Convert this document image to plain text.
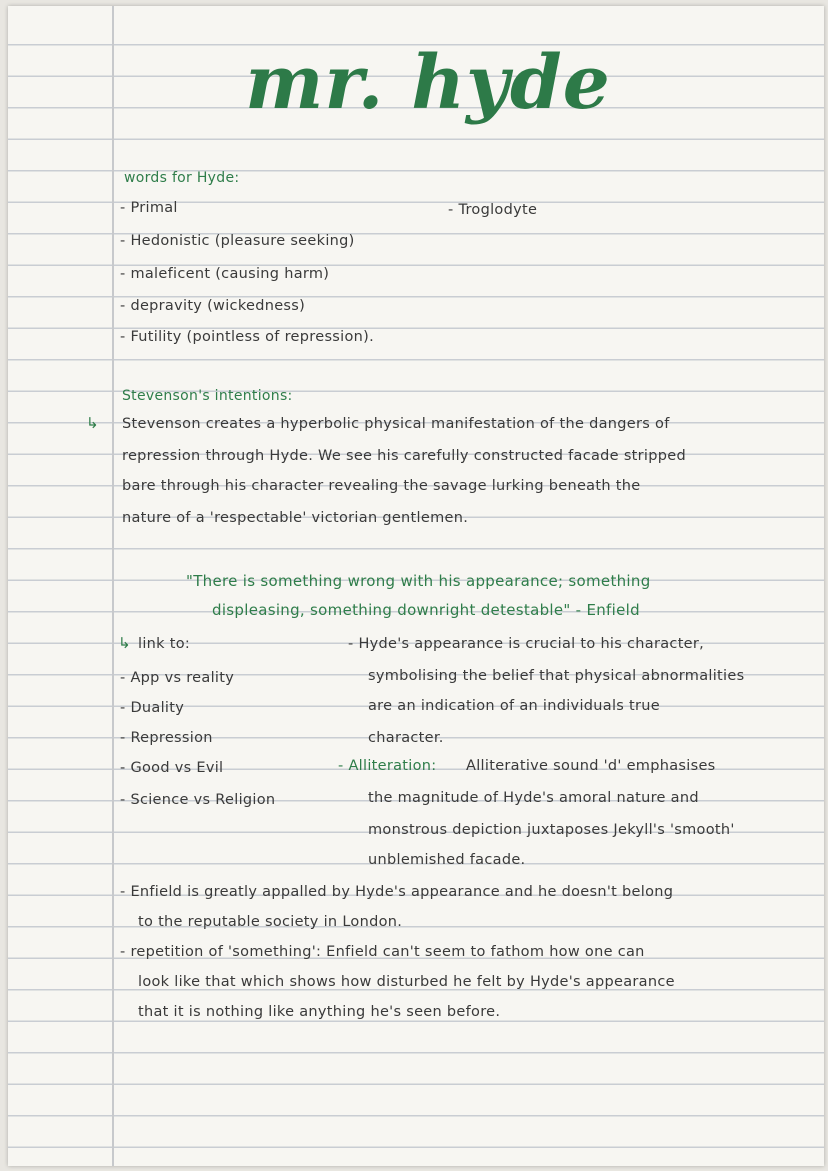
mr. hyde
words for Hyde:
- Primal	- Troglodyte
- Hedonistic (pleasure seeking)
- maleficent (causing harm)
- depravity (wickedness)
- Futility (pointless of repression).
Stevenson's intentions:
↳ Stevenson creates a hyperbolic physical manifestation of the dangers of
repression through Hyde. We see his carefully constructed facade stripped
bare through his character revealing the savage lurking beneath the
nature of a 'respectable' victorian gentlemen.
"There is something wrong with his appearance; something
displeasing, something downright detestable" - Enfield
↳ link to:
- App vs reality
- Duality
- Repression
- Good vs Evil
- Science vs Religion
- Hyde's appearance is crucial to his character,
symbolising the belief that physical abnormalities
are an indication of an individuals true
character.
- Alliteration: Alliterative sound 'd' emphasises
the magnitude of Hyde's amoral nature and
monstrous depiction juxtaposes Jekyll's 'smooth'
unblemished facade.
- Enfield is greatly appalled by Hyde's appearance and he doesn't belong
to the reputable society in London.
- repetition of 'something': Enfield can't seem to fathom how one can
look like that which shows how disturbed he felt by Hyde's appearance
that it is nothing like anything he's seen before.
